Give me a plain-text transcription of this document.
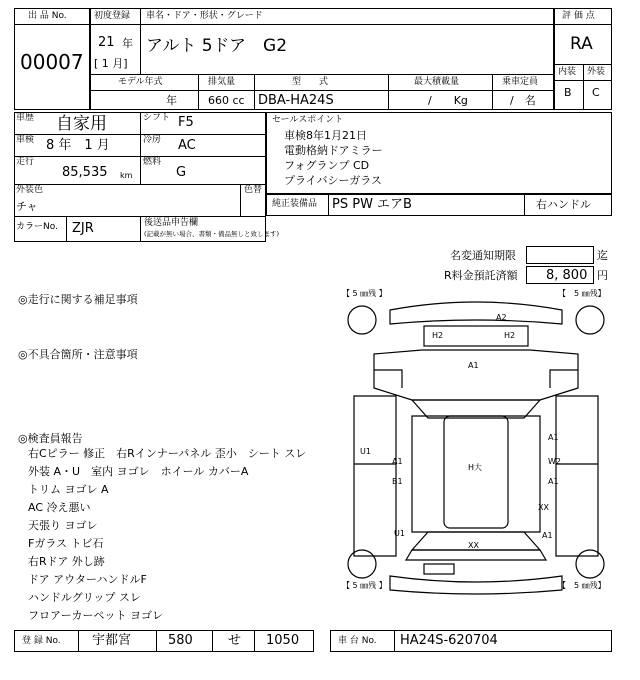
出 品 No.
00007
初度登録 車名・ドア・形状・グレード
21 年
[ 1 月]
アルト 5ドア　G2
モデル年式	排気量	型　　式	最大積載量	乗車定員
年	660 cc DBA-HA24S	/　　Kg	/　名
評 価 点
RA
内装 外装
B C
車歴 自家用	シフト F5
車検 8 年　1 月	冷房 AC
走行
85,535 km
燃料
G
外装色
チャ
色替
カラーNo. ZJR	後送品申告欄
(記載が無い場合、書類・備品無しと致します)
セールスポイント
車検8年1月21日
電動格納ドアミラー
フォグランプ CD
プライバシーガラス
純正装備品 PS PW エアB	右ハンドル
名変通知期限	迄
R料金預託済額 8, 800 円
◎走行に関する補足事項
◎不具合箇所・注意事項
◎検査員報告
右Cピラー 修正　右Rインナーパネル 歪小　シート スレ
外装 A・U　室内 ヨゴレ　ホイール カバーA
トリム ヨゴレ A
AC 冷え悪い
天張り ヨゴレ
Fガラス トビ石
右Rドア 外し跡
ドア アウターハンドルF
ハンドルグリップ スレ
フロアーカーペット ヨゴレ
【 5 ㎜残 】	【　5 ㎜残】
【 5 ㎜残 】	【　5 ㎜残】
A2
H2	H2
A1
U1
A1
B1
H大
A1
W2
A1
XX
A1
U1
XX
登 録 No. 宇都宮	580	せ 1050	車 台 No. HA24S-620704
